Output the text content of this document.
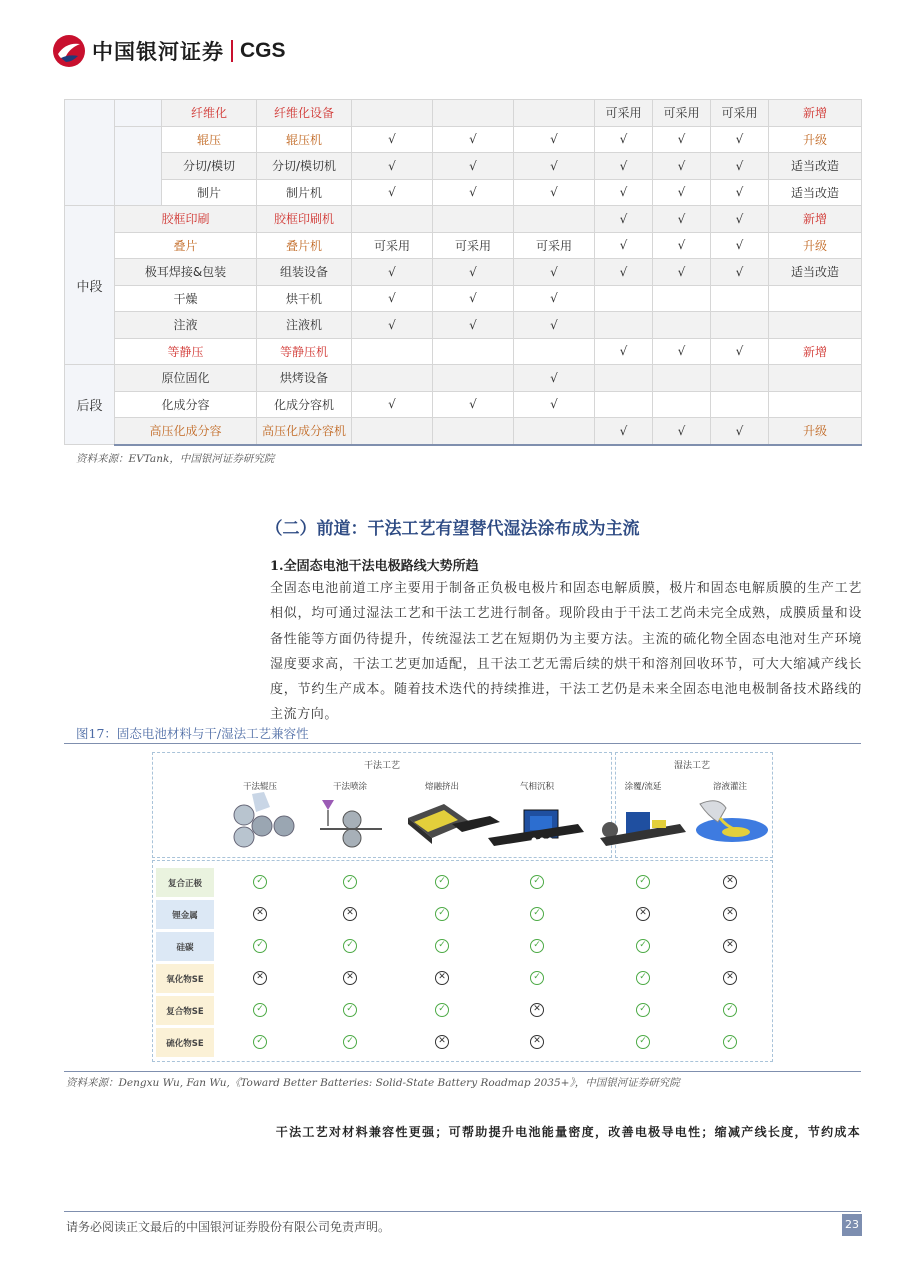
中国银河证券 CGS
		纤维化	纤维化设备				可采用	可采用	可采用	新增
		辊压	辊压机	√	√	√	√	√	√	升级
		分切/模切	分切/模切机	√	√	√	√	√	√	适当改造
		制片	制片机	√	√	√	√	√	√	适当改造
中段	胶框印刷		胶框印刷机				√	√	√	新增
	叠片		叠片机	可采用	可采用	可采用	√	√	√	升级
	极耳焊接&包装		组装设备	√	√	√	√	√	√	适当改造
	干燥		烘干机	√	√	√				
	注液		注液机	√	√	√				
	等静压		等静压机				√	√	√	新增
后段	原位固化		烘烤设备			√				
	化成分容		化成分容机	√	√	√				
	高压化成分容		高压化成分容机				√	√	√	升级
资料来源：EVTank，中国银河证券研究院
（二）前道：干法工艺有望替代湿法涂布成为主流
1.全固态电池干法电极路线大势所趋

全固态电池前道工序主要用于制备正负极电极片和固态电解质膜，极片和固态电解质膜的生产工艺相似，均可通过湿法工艺和干法工艺进行制备。现阶段由于干法工艺尚未完全成熟，成膜质量和设备性能等方面仍待提升，传统湿法工艺在短期仍为主要方法。主流的硫化物全固态电池对生产环境湿度要求高，干法工艺更加适配，且干法工艺无需后续的烘干和溶剂回收环节，可大大缩减产线长度，节约生产成本。随着技术迭代的持续推进，干法工艺仍是未来全固态电池电极制备技术路线的主流方向。

图17：固态电池材料与干/湿法工艺兼容性
干法工艺	湿法工艺
干法辊压	干法喷涂	熔融挤出	气相沉积	涂覆/流延	溶液灌注
复合正极	✓	✓	✓	✓	✓	✕
锂金属	✕	✕	✓	✓	✕	✕
硅碳	✓	✓	✓	✓	✓	✕
氧化物SE	✕	✕	✕	✓	✓	✕
复合物SE	✓	✓	✓	✕	✓	✓
硫化物SE	✓	✓	✕	✕	✓	✓
资料来源：Dengxu Wu, Fan Wu,《Toward Better Batteries: Solid-State Battery Roadmap 2035+》，中国银河证券研究院
干法工艺对材料兼容性更强；可帮助提升电池能量密度，改善电极导电性；缩减产线长度，节约成本
请务必阅读正文最后的中国银河证券股份有限公司免责声明。	23
